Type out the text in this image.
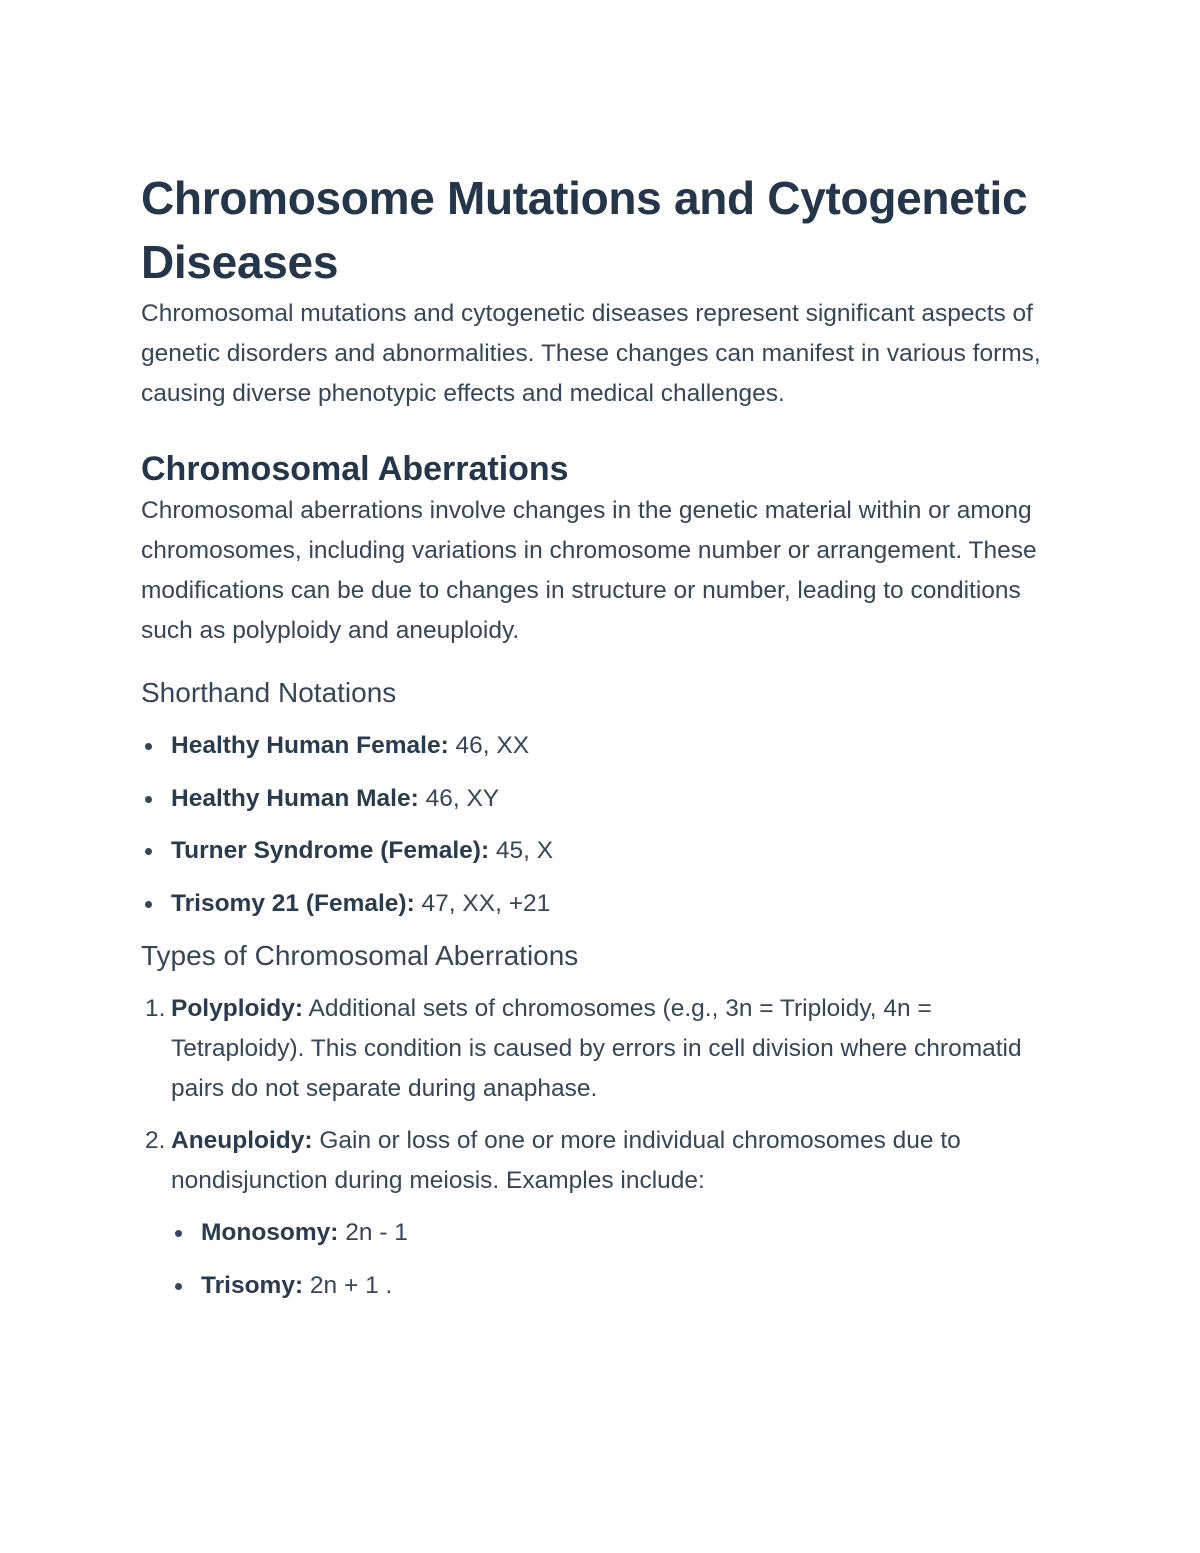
Chromosome Mutations and Cytogenetic Diseases

Chromosomal mutations and cytogenetic diseases represent significant aspects of genetic disorders and abnormalities. These changes can manifest in various forms, causing diverse phenotypic effects and medical challenges.

Chromosomal Aberrations

Chromosomal aberrations involve changes in the genetic material within or among chromosomes, including variations in chromosome number or arrangement. These modifications can be due to changes in structure or number, leading to conditions such as polyploidy and aneuploidy.

Shorthand Notations
Healthy Human Female: 46, XX
Healthy Human Male: 46, XY
Turner Syndrome (Female): 45, X
Trisomy 21 (Female): 47, XX, +21
Types of Chromosomal Aberrations
1. Polyploidy: Additional sets of chromosomes (e.g., 3n = Triploidy, 4n = Tetraploidy). This condition is caused by errors in cell division where chromatid pairs do not separate during anaphase.
2. Aneuploidy: Gain or loss of one or more individual chromosomes due to nondisjunction during meiosis. Examples include:
Monosomy: 2n - 1
Trisomy: 2n + 1 .
